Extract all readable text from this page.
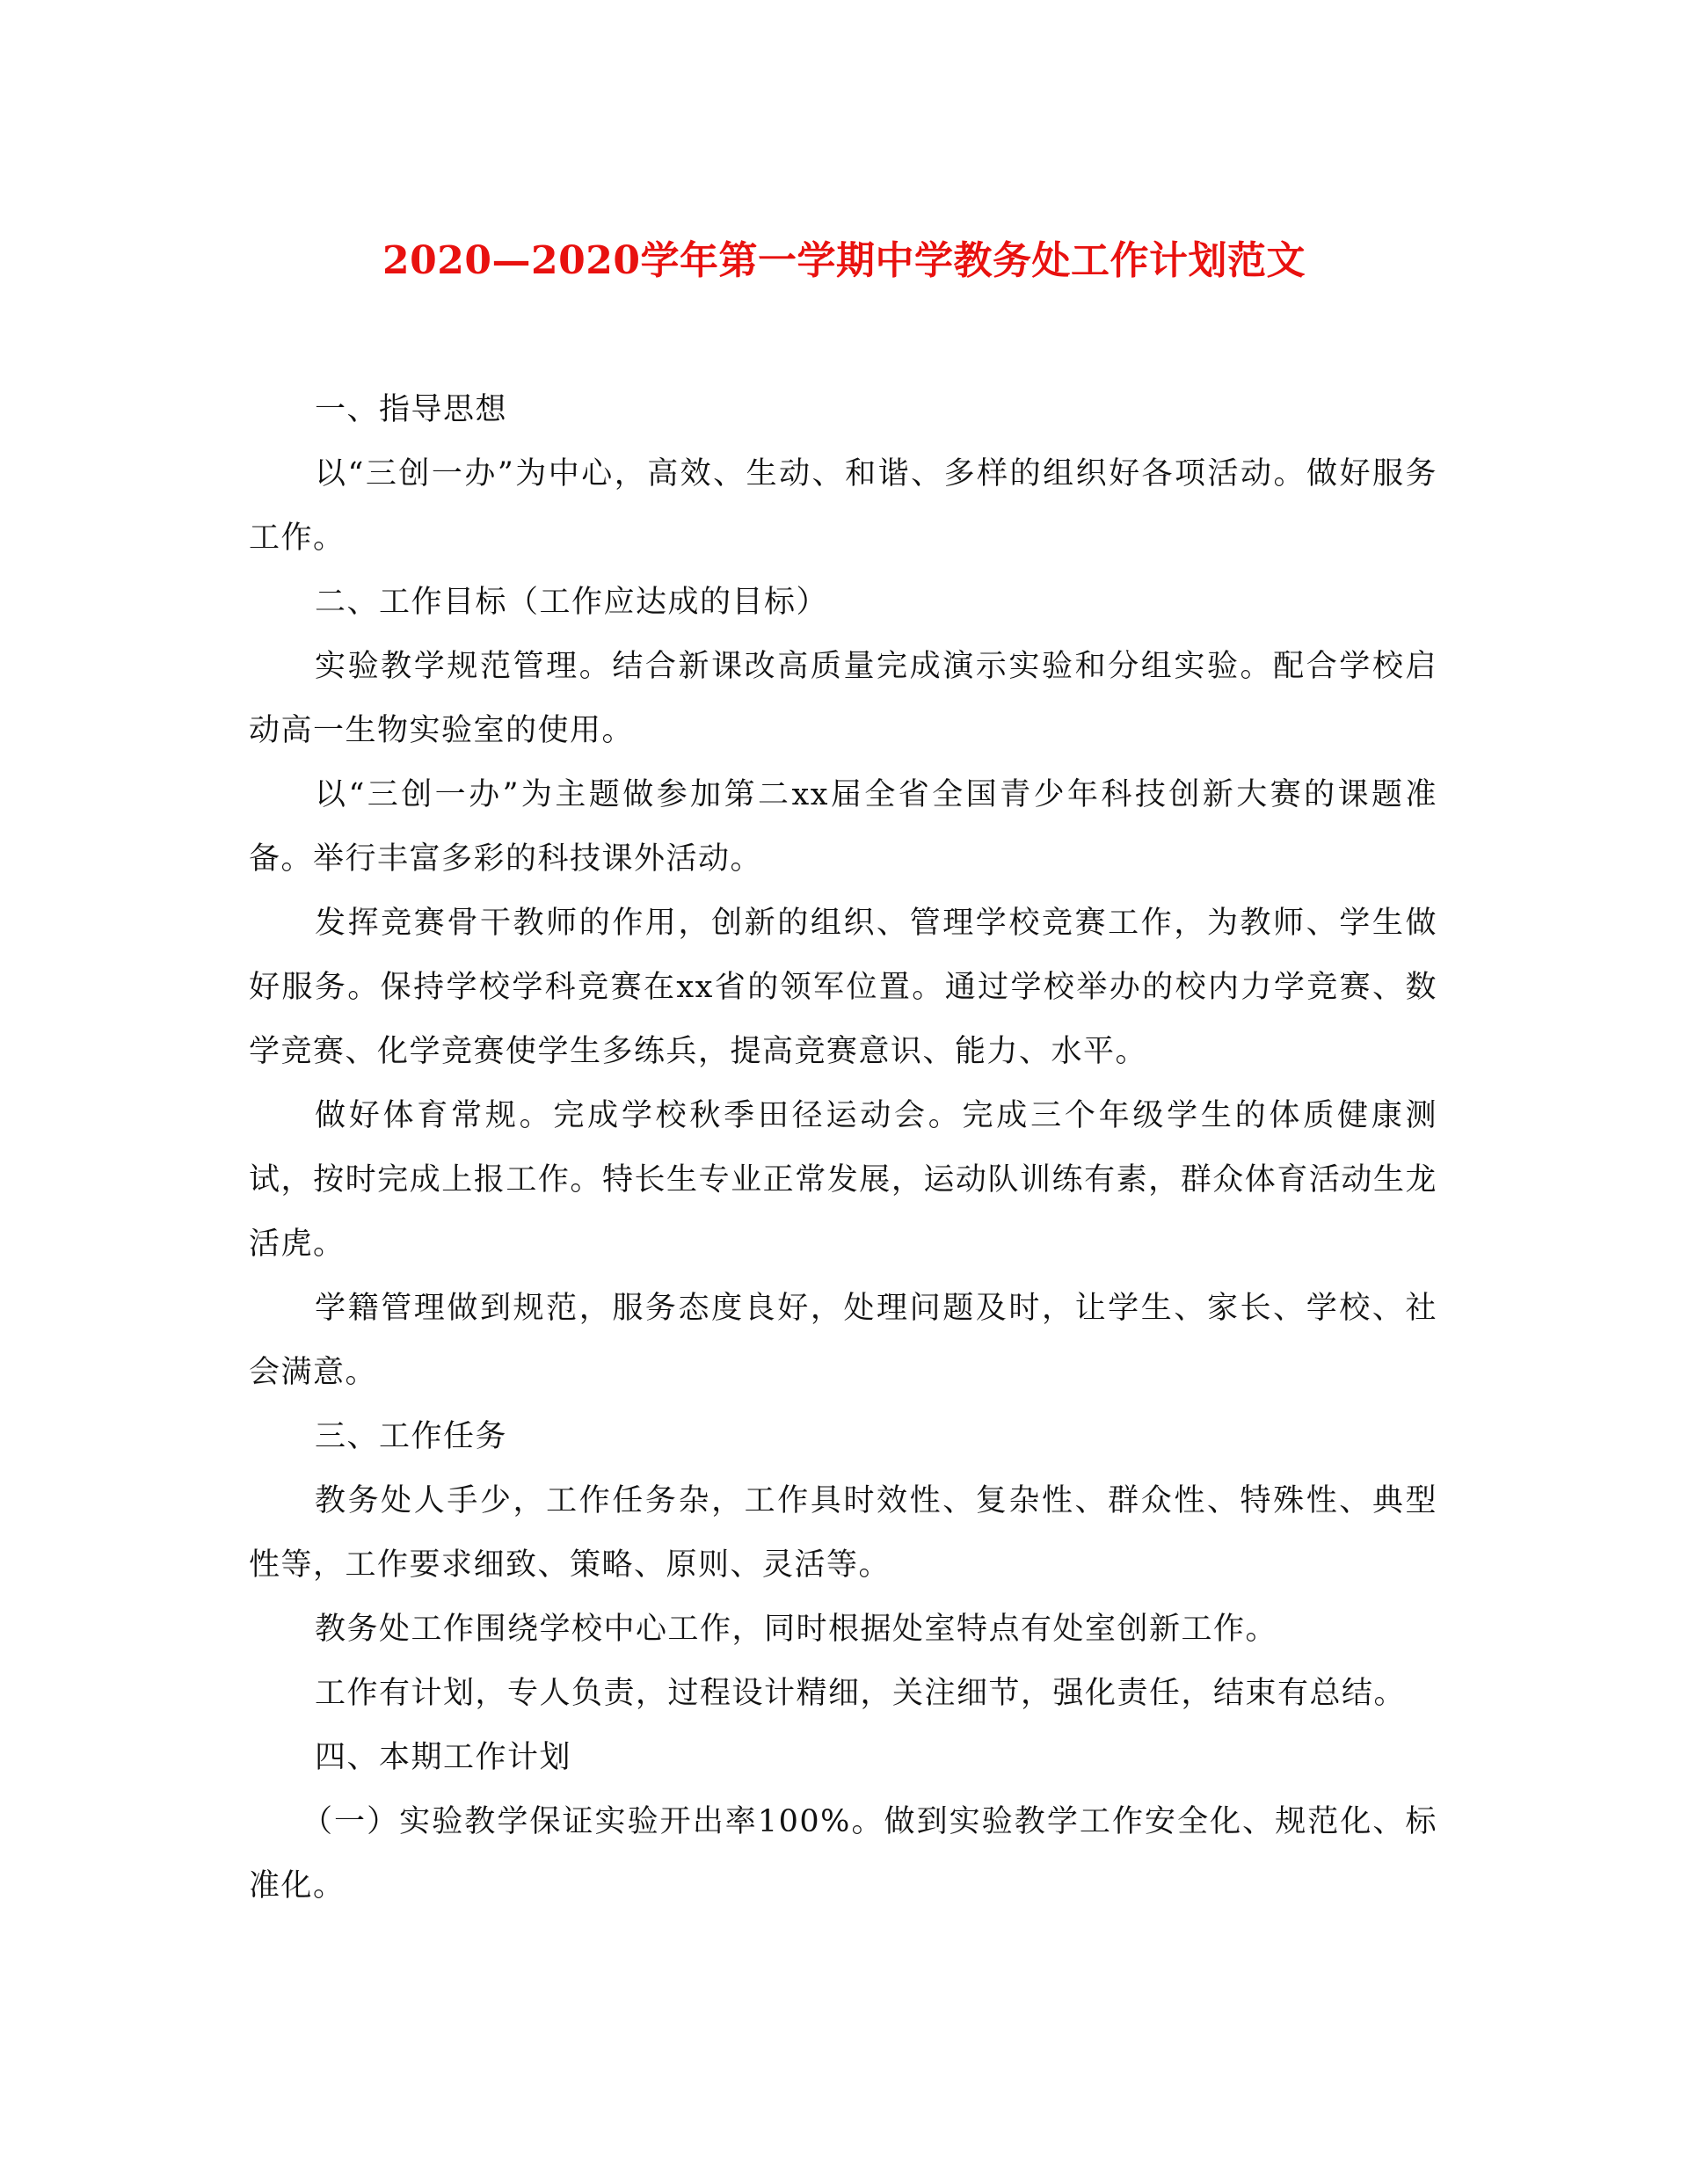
2020—2020学年第一学期中学教务处工作计划范文

一、指导思想

以“三创一办”为中心，高效、生动、和谐、多样的组织好各项活动。做好服务工作。

二、工作目标（工作应达成的目标）

实验教学规范管理。结合新课改高质量完成演示实验和分组实验。配合学校启动高一生物实验室的使用。

以“三创一办”为主题做参加第二xx届全省全国青少年科技创新大赛的课题准备。举行丰富多彩的科技课外活动。

发挥竞赛骨干教师的作用，创新的组织、管理学校竞赛工作，为教师、学生做好服务。保持学校学科竞赛在xx省的领军位置。通过学校举办的校内力学竞赛、数学竞赛、化学竞赛使学生多练兵，提高竞赛意识、能力、水平。

做好体育常规。完成学校秋季田径运动会。完成三个年级学生的体质健康测试，按时完成上报工作。特长生专业正常发展，运动队训练有素，群众体育活动生龙活虎。

学籍管理做到规范，服务态度良好，处理问题及时，让学生、家长、学校、社会满意。

三、工作任务

教务处人手少，工作任务杂，工作具时效性、复杂性、群众性、特殊性、典型性等，工作要求细致、策略、原则、灵活等。

教务处工作围绕学校中心工作，同时根据处室特点有处室创新工作。

工作有计划，专人负责，过程设计精细，关注细节，强化责任，结束有总结。

四、本期工作计划

（一）实验教学保证实验开出率100%。做到实验教学工作安全化、规范化、标准化。
